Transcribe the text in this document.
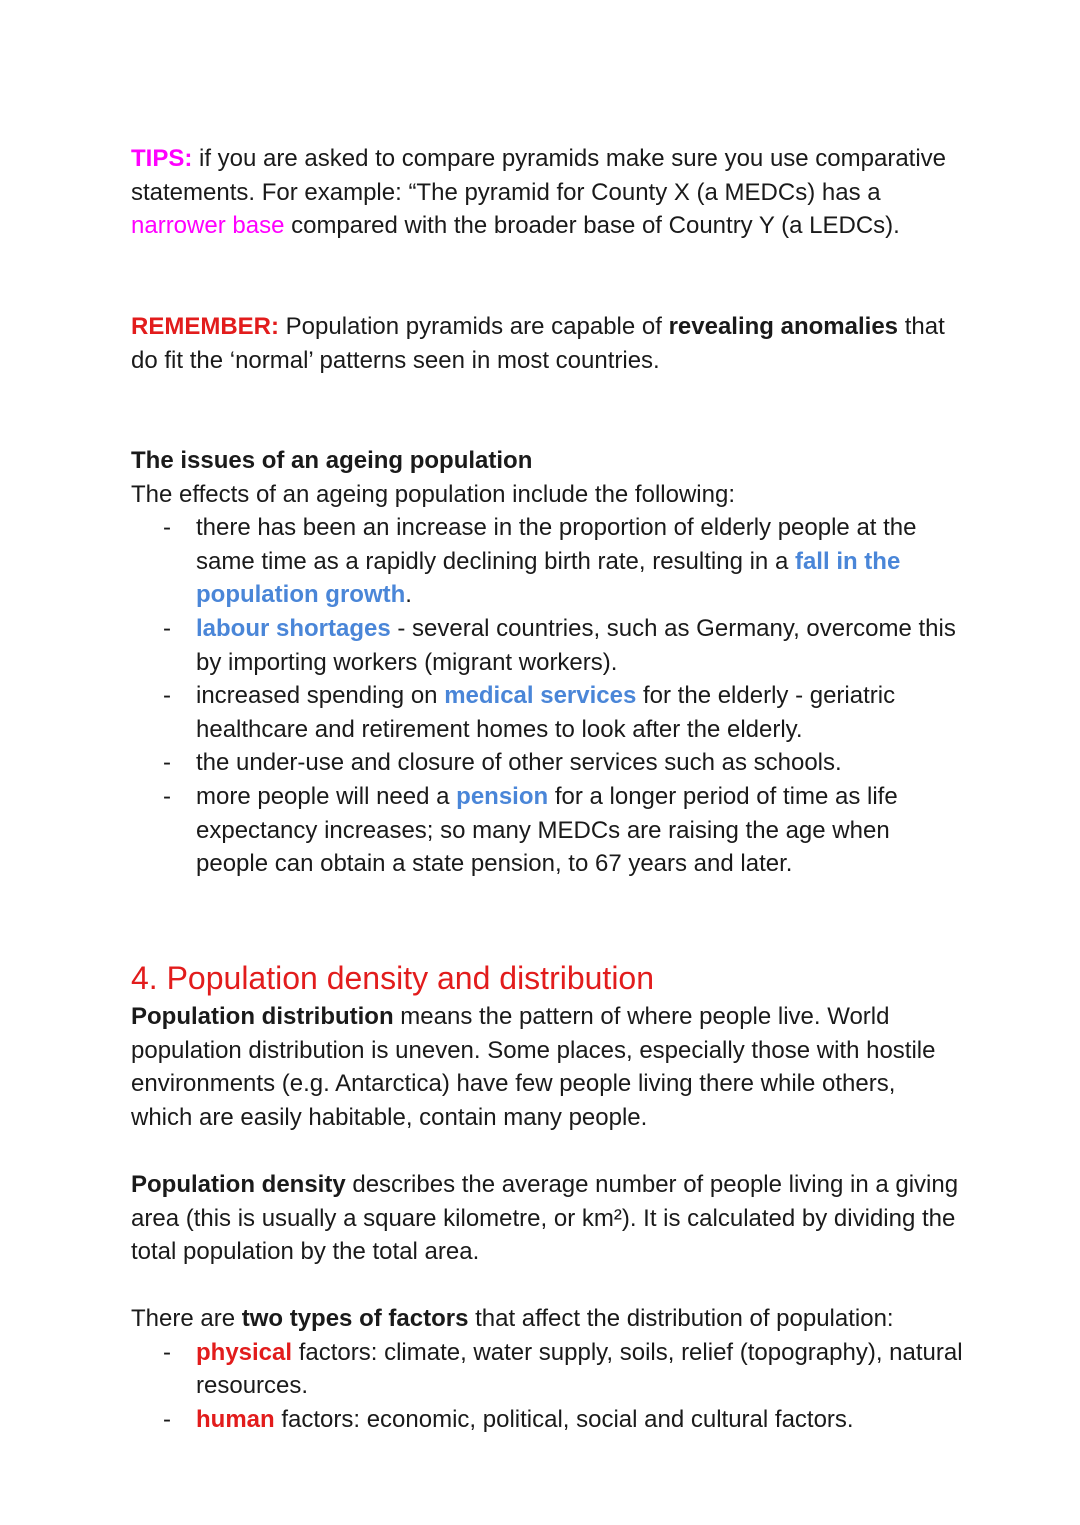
TIPS: if you are asked to compare pyramids make sure you use comparative statements. For example: “The pyramid for County X (a MEDCs) has a narrower base compared with the broader base of Country Y (a LEDCs).

REMEMBER: Population pyramids are capable of revealing anomalies that do fit the ‘normal’ patterns seen in most countries.

The issues of an ageing population

The effects of an ageing population include the following:

- there has been an increase in the proportion of elderly people at the same time as a rapidly declining birth rate, resulting in a fall in the population growth.
- labour shortages - several countries, such as Germany, overcome this by importing workers (migrant workers).
- increased spending on medical services for the elderly - geriatric healthcare and retirement homes to look after the elderly.
- the under-use and closure of other services such as schools.
- more people will need a pension for a longer period of time as life expectancy increases; so many MEDCs are raising the age when people can obtain a state pension, to 67 years and later.
4. Population density and distribution

Population distribution means the pattern of where people live. World population distribution is uneven. Some places, especially those with hostile environments (e.g. Antarctica) have few people living there while others, which are easily habitable, contain many people.

Population density describes the average number of people living in a giving area (this is usually a square kilometre, or km²). It is calculated by dividing the total population by the total area.

There are two types of factors that affect the distribution of population:

- physical factors: climate, water supply, soils, relief (topography), natural resources.
- human factors: economic, political, social and cultural factors.
